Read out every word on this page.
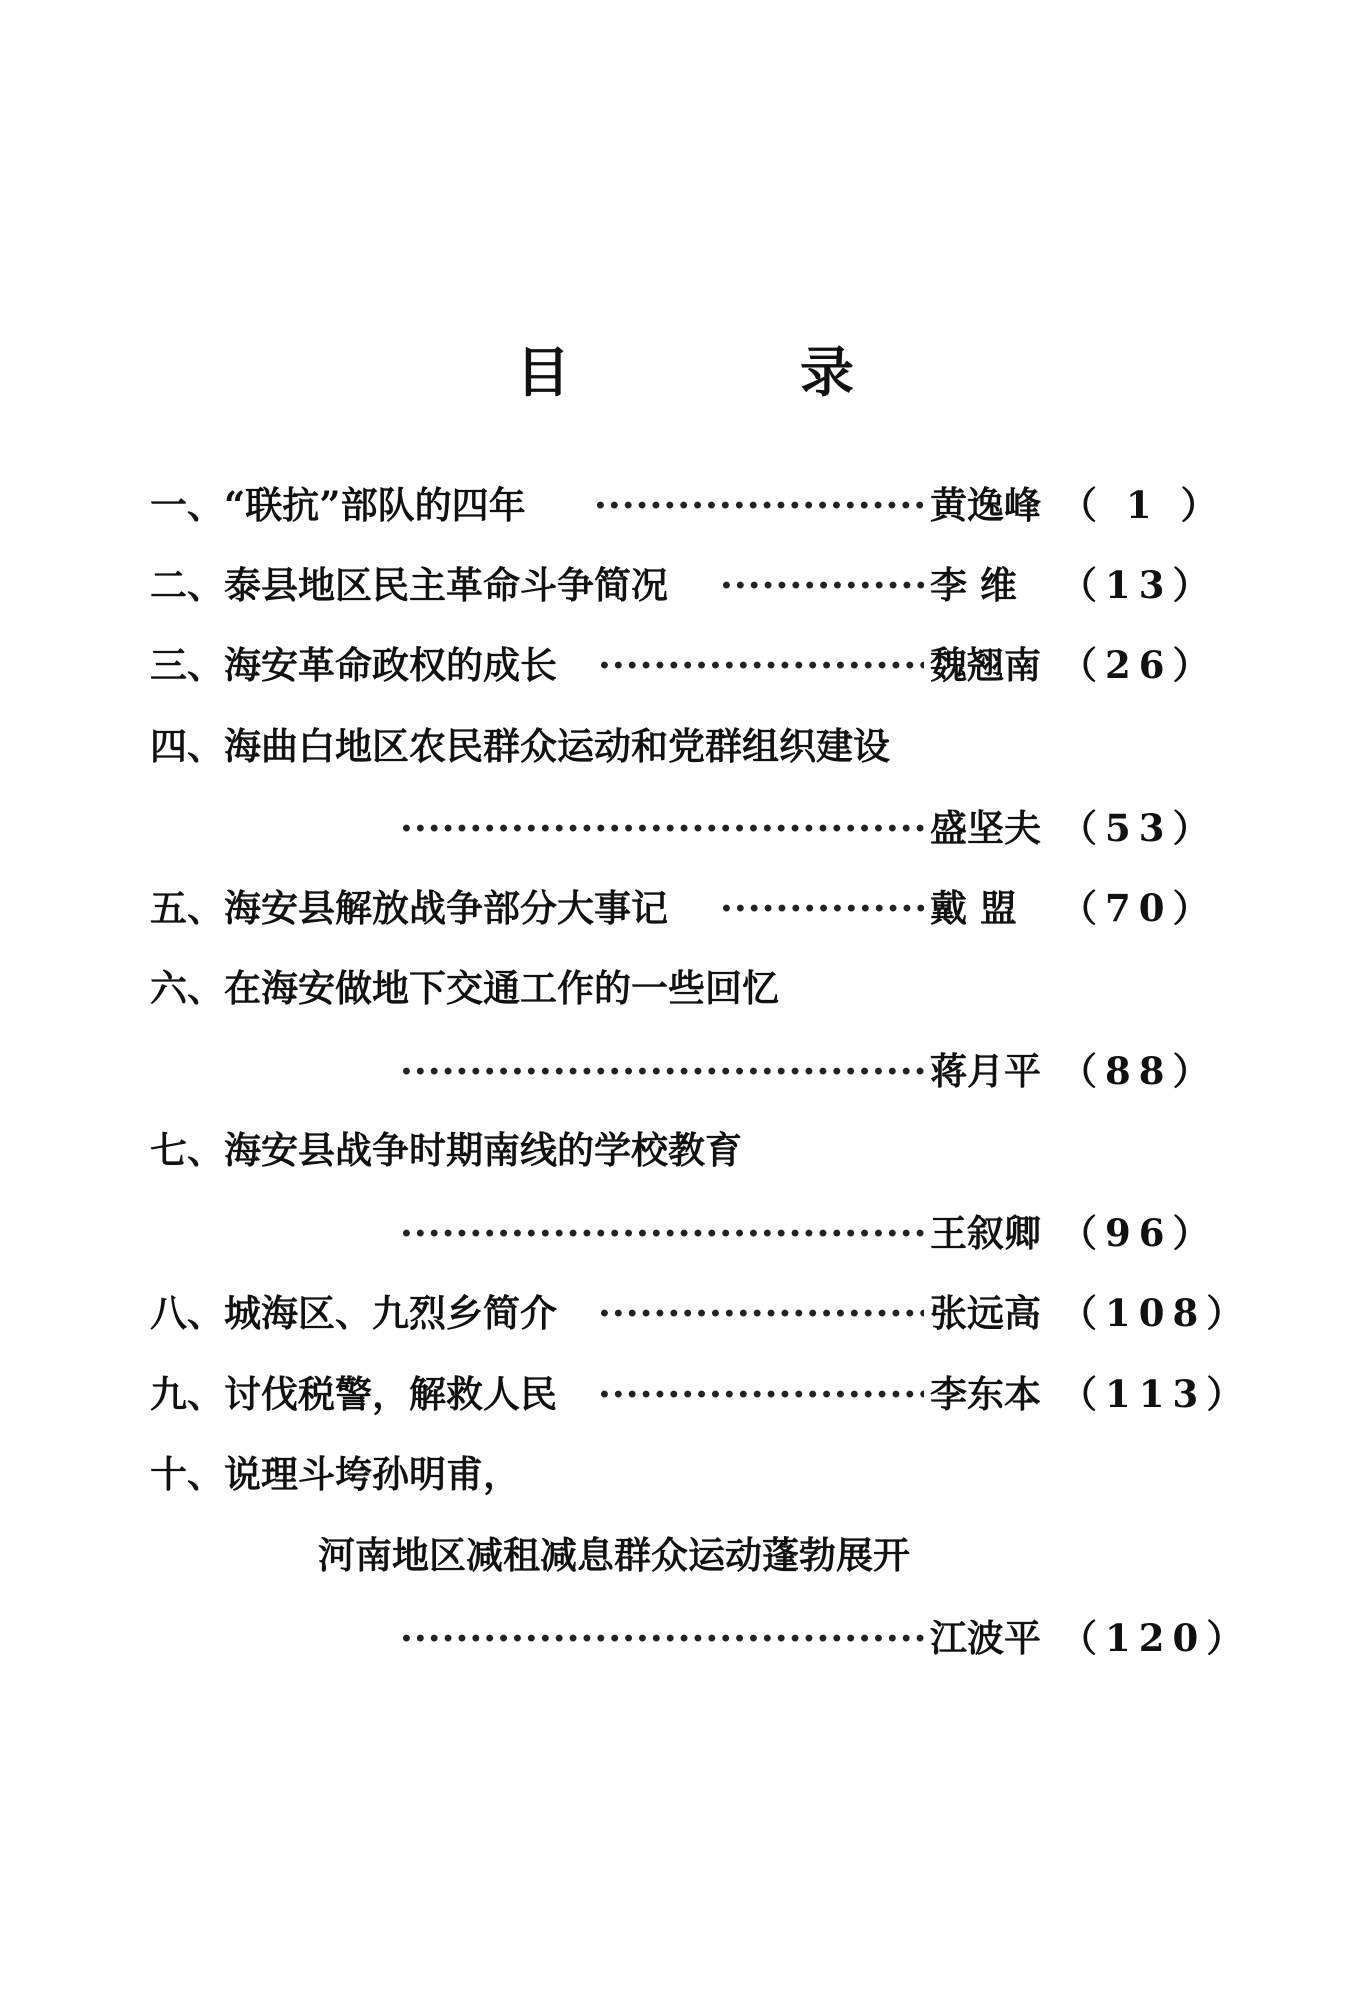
目	录
一、“联抗”部队的四年 ·····	黄逸峰 （ 1 ）
二、泰县地区民主革命斗争简况 ·····	李 维	（13）
三、海安革命政权的成长 ·····	魏翘南 （26）
四、海曲白地区农民群众运动和党群组织建设
·····
盛坚夫 （53）
五、海安县解放战争部分大事记 ·····	戴 盟	（70）
六、在海安做地下交通工作的一些回忆
·····
蒋月平 （88）
七、海安县战争时期南线的学校教育
·····
王叙卿 （96）
八、城海区、九烈乡简介 ·····	张远高 （108）
九、讨伐税警，解救人民 ·····	李东本 （113）
十、说理斗垮孙明甫，
河南地区减租减息群众运动蓬勃展开
·····
江波平 （120）
